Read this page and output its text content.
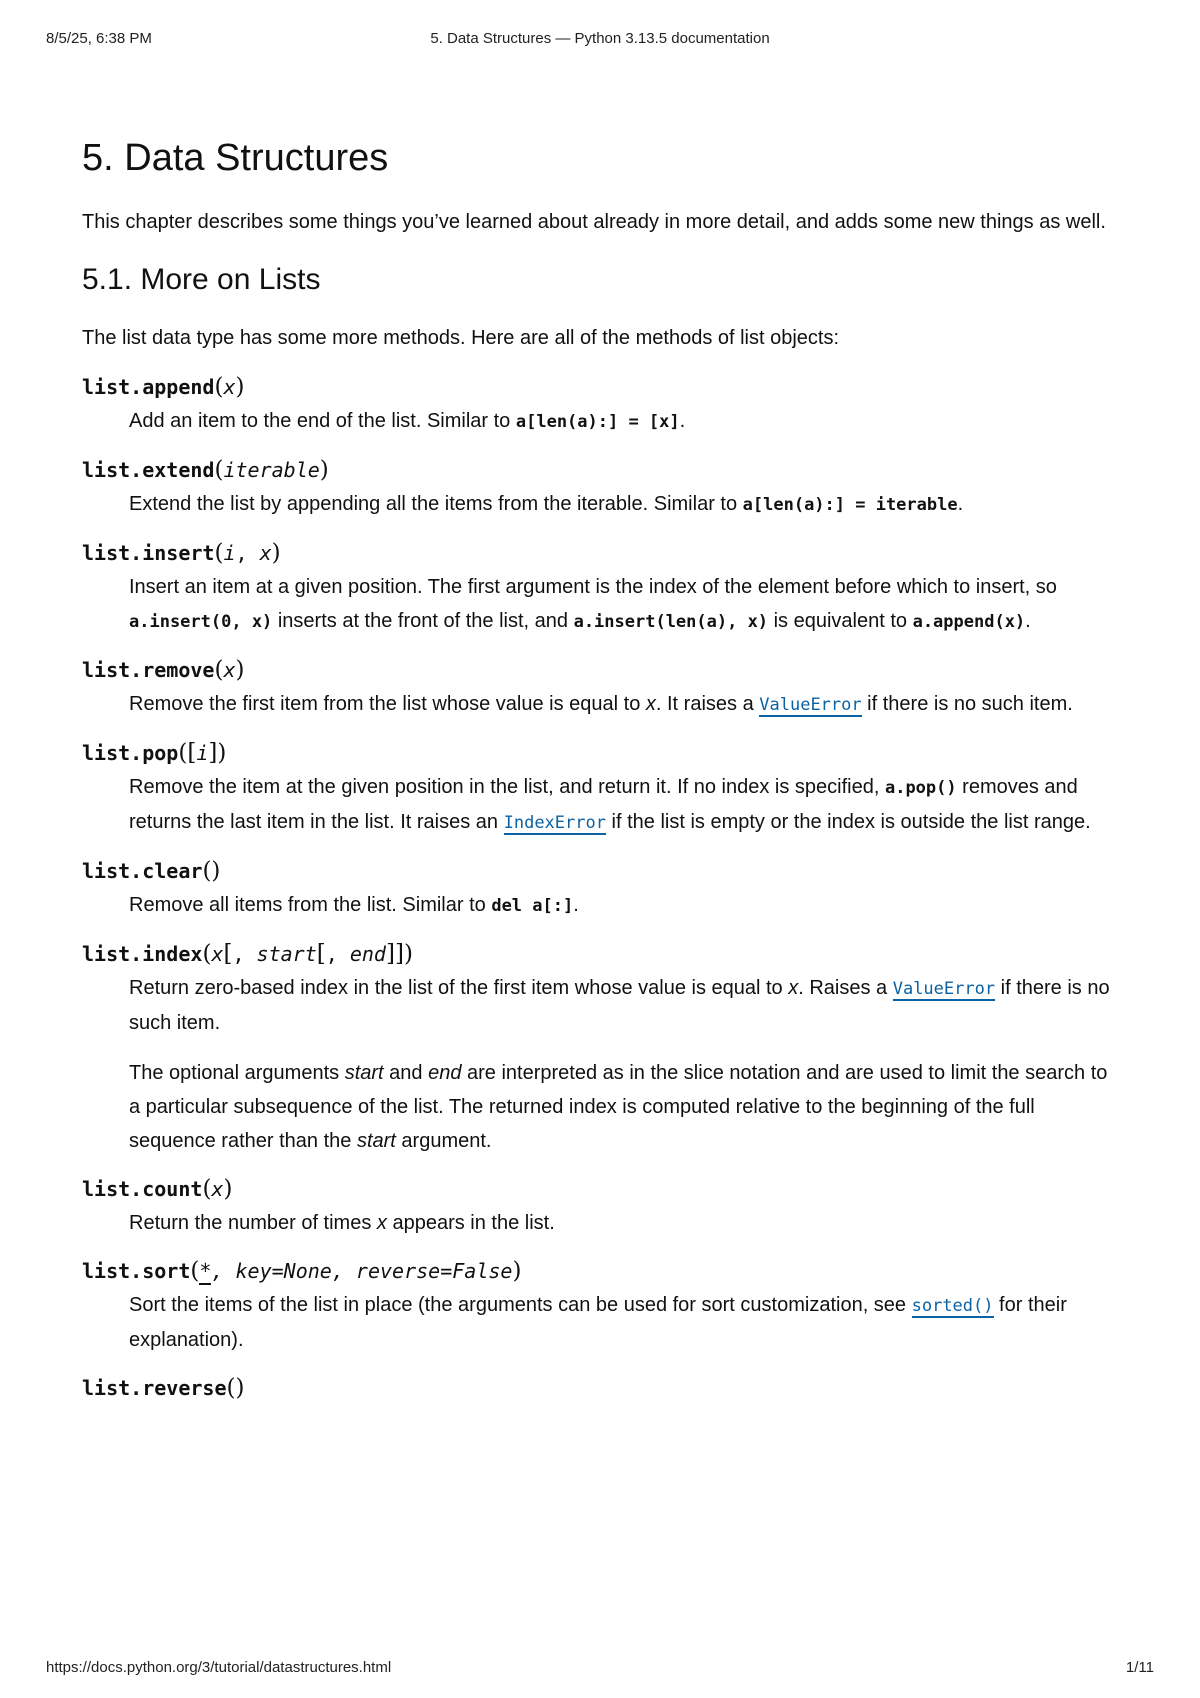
8/5/25, 6:38 PM	5. Data Structures — Python 3.13.5 documentation
5. Data Structures

This chapter describes some things you’ve learned about already in more detail, and adds some new things as well.

5.1. More on Lists

The list data type has some more methods. Here are all of the methods of list objects:

list.append(x)

Add an item to the end of the list. Similar to a[len(a):] = [x].

list.extend(iterable)

Extend the list by appending all the items from the iterable. Similar to a[len(a):] = iterable.

list.insert(i, x)

Insert an item at a given position. The first argument is the index of the element before which to insert, so a.insert(0, x) inserts at the front of the list, and a.insert(len(a), x) is equivalent to a.append(x).

list.remove(x)

Remove the first item from the list whose value is equal to x. It raises a ValueError if there is no such item.

list.pop([i])

Remove the item at the given position in the list, and return it. If no index is specified, a.pop() removes and returns the last item in the list. It raises an IndexError if the list is empty or the index is outside the list range.

list.clear()

Remove all items from the list. Similar to del a[:].

list.index(x[, start[, end]])

Return zero-based index in the list of the first item whose value is equal to x. Raises a ValueError if there is no such item.

The optional arguments start and end are interpreted as in the slice notation and are used to limit the search to a particular subsequence of the list. The returned index is computed relative to the beginning of the full sequence rather than the start argument.

list.count(x)

Return the number of times x appears in the list.

list.sort(*, key=None, reverse=False)

Sort the items of the list in place (the arguments can be used for sort customization, see sorted() for their explanation).

list.reverse()
https://docs.python.org/3/tutorial/datastructures.html	1/11
